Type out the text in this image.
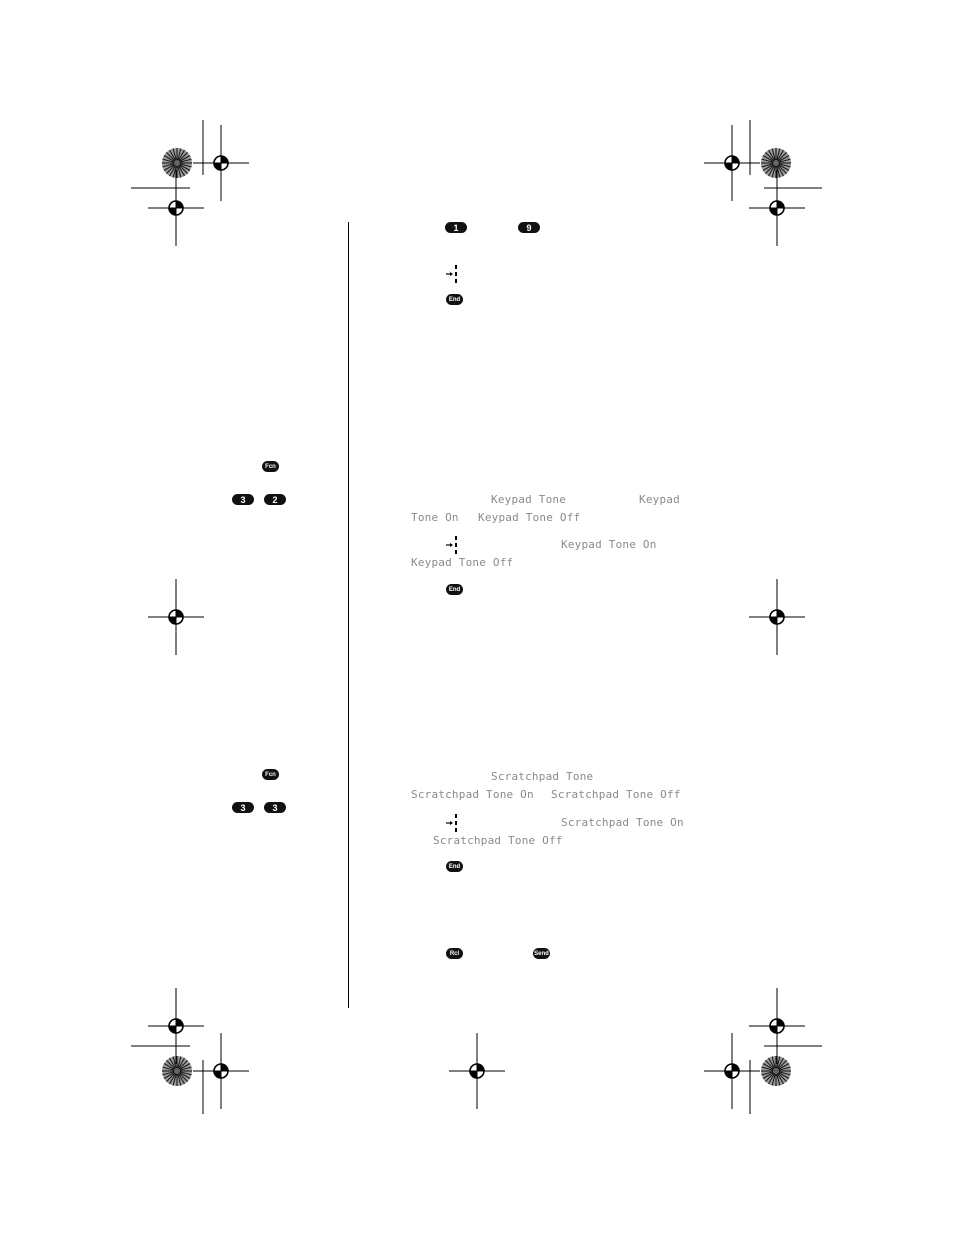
1	9
End
Fcn
3	2	Keypad Tone	Keypad
Tone On Keypad Tone Off
Keypad Tone On
Keypad Tone Off
End
Fcn
3	3
Scratchpad Tone
Scratchpad Tone On Scratchpad Tone Off
Scratchpad Tone On
Scratchpad Tone Off
End
Rcl	Send
